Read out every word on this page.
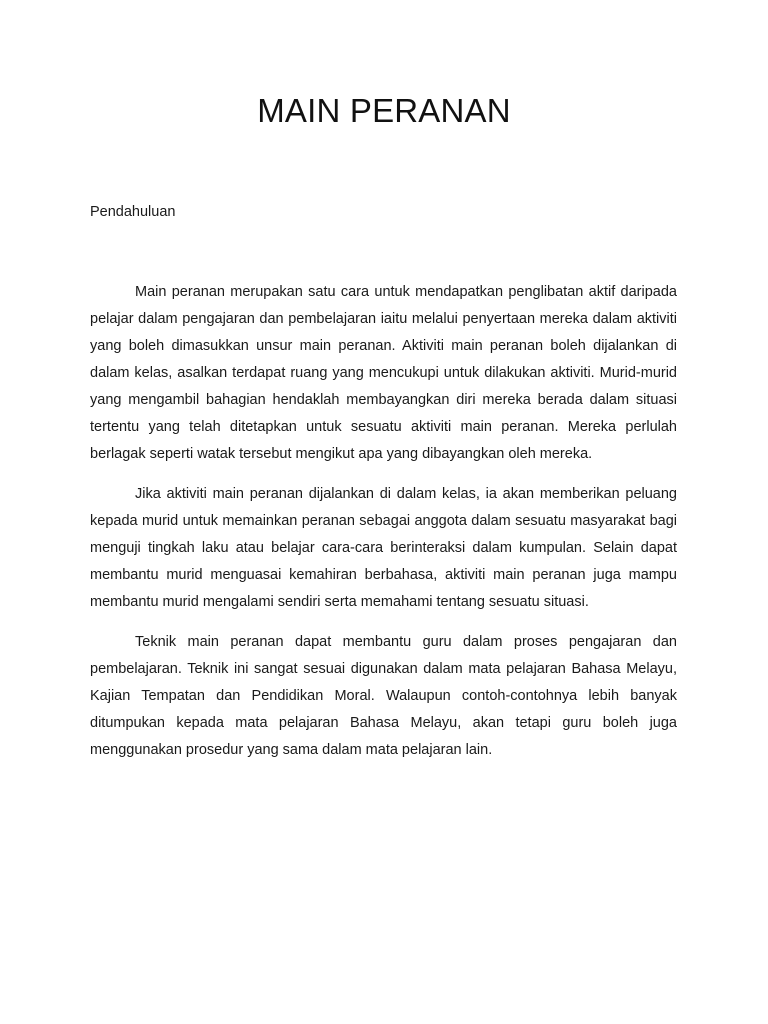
MAIN PERANAN

Pendahuluan

Main peranan merupakan satu cara untuk mendapatkan penglibatan aktif daripada pelajar dalam pengajaran dan pembelajaran iaitu melalui penyertaan mereka dalam aktiviti yang boleh dimasukkan unsur main peranan. Aktiviti main peranan boleh dijalankan di dalam kelas, asalkan terdapat ruang yang mencukupi untuk dilakukan aktiviti. Murid-murid yang mengambil bahagian hendaklah membayangkan diri mereka berada dalam situasi tertentu yang telah ditetapkan untuk sesuatu aktiviti main peranan. Mereka perlulah berlagak seperti watak tersebut mengikut apa yang dibayangkan oleh mereka.

Jika aktiviti main peranan dijalankan di dalam kelas, ia akan memberikan peluang kepada murid untuk memainkan peranan sebagai anggota dalam sesuatu masyarakat bagi menguji tingkah laku atau belajar cara-cara berinteraksi dalam kumpulan. Selain dapat membantu murid menguasai kemahiran berbahasa, aktiviti main peranan juga mampu membantu murid mengalami sendiri serta memahami tentang sesuatu situasi.

Teknik main peranan dapat membantu guru dalam proses pengajaran dan pembelajaran. Teknik ini sangat sesuai digunakan dalam mata pelajaran Bahasa Melayu, Kajian Tempatan dan Pendidikan Moral. Walaupun contoh-contohnya lebih banyak ditumpukan kepada mata pelajaran Bahasa Melayu, akan tetapi guru boleh juga menggunakan prosedur yang sama dalam mata pelajaran lain.
